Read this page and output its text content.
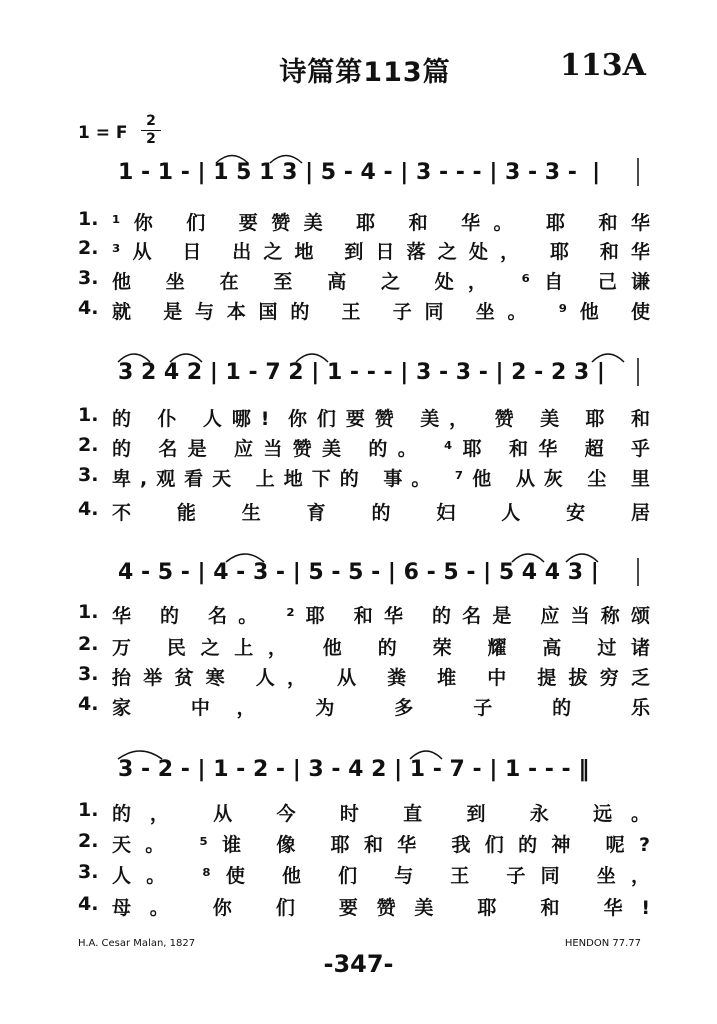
诗篇第113篇	113A
1 = F
2
2
1 - 1 - | 1 5 1 3 | 5 - 4 - | 3 - - - | 3 - 3 -  |
1. ¹你 们 要赞美 耶 和 华。 耶 和华
2. ³从 日 出之地 到日落之处， 耶 和华
3. 他 坐 在 至 高 之 处， ⁶自 己谦
4. 就 是与本国的 王 子同 坐。 ⁹他 使
3 2 4 2 | 1 - 7 2 | 1 - - - | 3 - 3 - | 2 - 2 3 |
1. 的 仆 人哪! 你们要赞 美， 赞 美 耶 和
2. 的 名是 应当赞美 的。 ⁴耶 和华 超 乎
3. 卑,观看天 上地下的 事。 ⁷他 从灰 尘 里
4. 不 能 生 育 的 妇 人 安 居
4 - 5 - | 4 - 3 - | 5 - 5 - | 6 - 5 - | 5 4 4 3 |
1. 华 的 名。 ²耶 和华 的名是 应当称颂
2. 万 民之上， 他 的 荣 耀 高 过诸
3. 抬举贫寒 人， 从 粪 堆 中 提拔穷乏
4. 家 中， 为 多 子 的 乐
3 - 2 - | 1 - 2 - | 3 - 4 2 | 1 - 7 - | 1 - - - ‖
1. 的， 从 今 时 直 到 永 远。
2. 天。 ⁵谁 像 耶和华 我们的神 呢?
3. 人。 ⁸使 他 们 与 王 子同 坐，
4. 母。 你 们 要赞美 耶 和 华!
H.A. Cesar Malan, 1827	HENDON 77.77
-347-
